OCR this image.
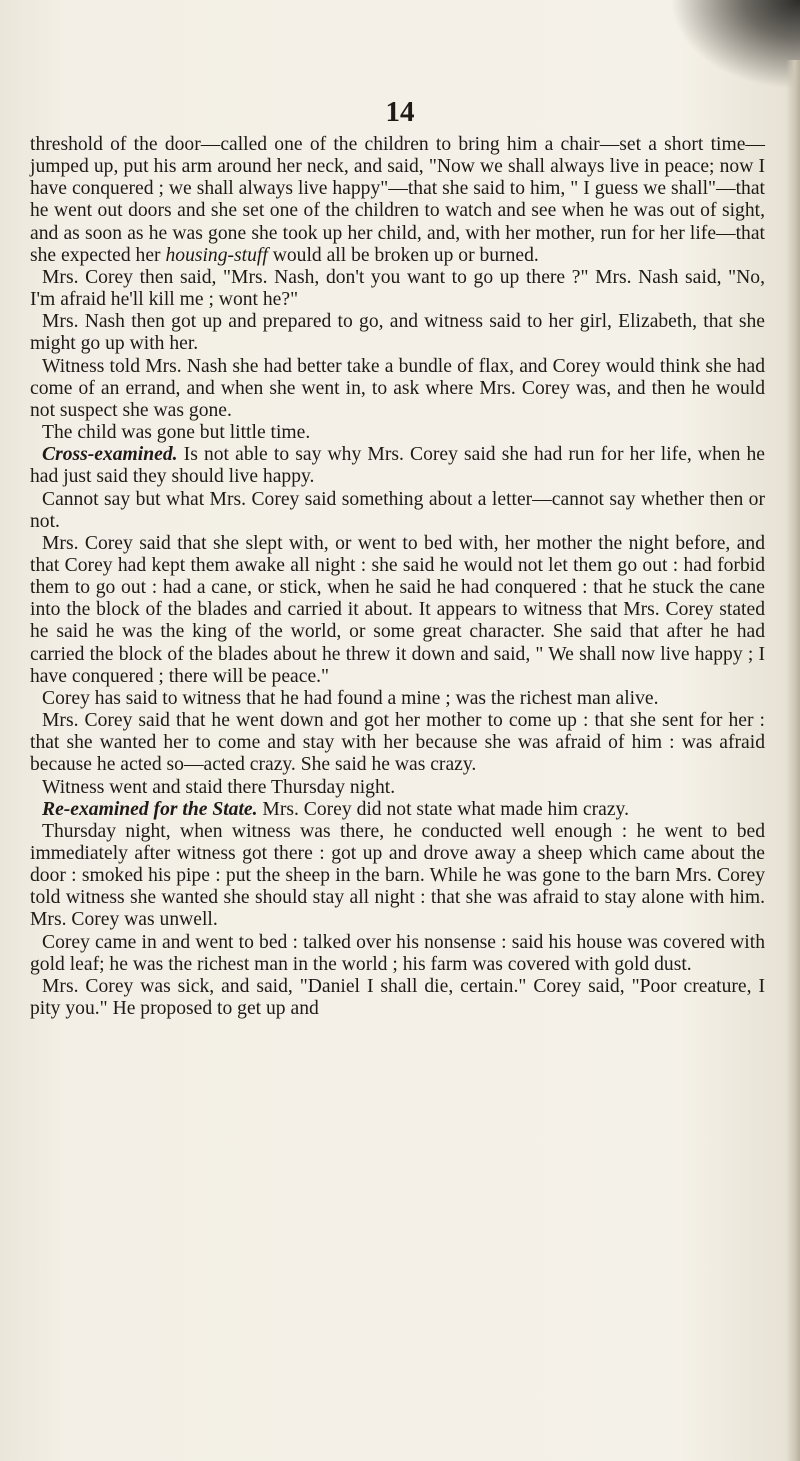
14

threshold of the door—called one of the children to bring him a chair—set a short time—jumped up, put his arm around her neck, and said, "Now we shall always live in peace; now I have conquered ; we shall always live happy"—that she said to him, " I guess we shall"—that he went out doors and she set one of the children to watch and see when he was out of sight, and as soon as he was gone she took up her child, and, with her mother, run for her life—that she expected her housing-stuff would all be broken up or burned.

Mrs. Corey then said, "Mrs. Nash, don't you want to go up there ?" Mrs. Nash said, "No, I'm afraid he'll kill me ; wont he?"

Mrs. Nash then got up and prepared to go, and witness said to her girl, Elizabeth, that she might go up with her.

Witness told Mrs. Nash she had better take a bundle of flax, and Corey would think she had come of an errand, and when she went in, to ask where Mrs. Corey was, and then he would not suspect she was gone.

The child was gone but little time.

Cross-examined. Is not able to say why Mrs. Corey said she had run for her life, when he had just said they should live happy.

Cannot say but what Mrs. Corey said something about a letter—cannot say whether then or not.

Mrs. Corey said that she slept with, or went to bed with, her mother the night before, and that Corey had kept them awake all night : she said he would not let them go out : had forbid them to go out : had a cane, or stick, when he said he had conquered : that he stuck the cane into the block of the blades and carried it about. It appears to witness that Mrs. Corey stated he said he was the king of the world, or some great character. She said that after he had carried the block of the blades about he threw it down and said, " We shall now live happy ; I have conquered ; there will be peace."

Corey has said to witness that he had found a mine ; was the richest man alive.

Mrs. Corey said that he went down and got her mother to come up : that she sent for her : that she wanted her to come and stay with her because she was afraid of him : was afraid because he acted so—acted crazy. She said he was crazy.

Witness went and staid there Thursday night.

Re-examined for the State. Mrs. Corey did not state what made him crazy.

Thursday night, when witness was there, he conducted well enough : he went to bed immediately after witness got there : got up and drove away a sheep which came about the door : smoked his pipe : put the sheep in the barn. While he was gone to the barn Mrs. Corey told witness she wanted she should stay all night : that she was afraid to stay alone with him. Mrs. Corey was unwell.

Corey came in and went to bed : talked over his nonsense : said his house was covered with gold leaf; he was the richest man in the world ; his farm was covered with gold dust.

Mrs. Corey was sick, and said, "Daniel I shall die, certain." Corey said, "Poor creature, I pity you." He proposed to get up and
